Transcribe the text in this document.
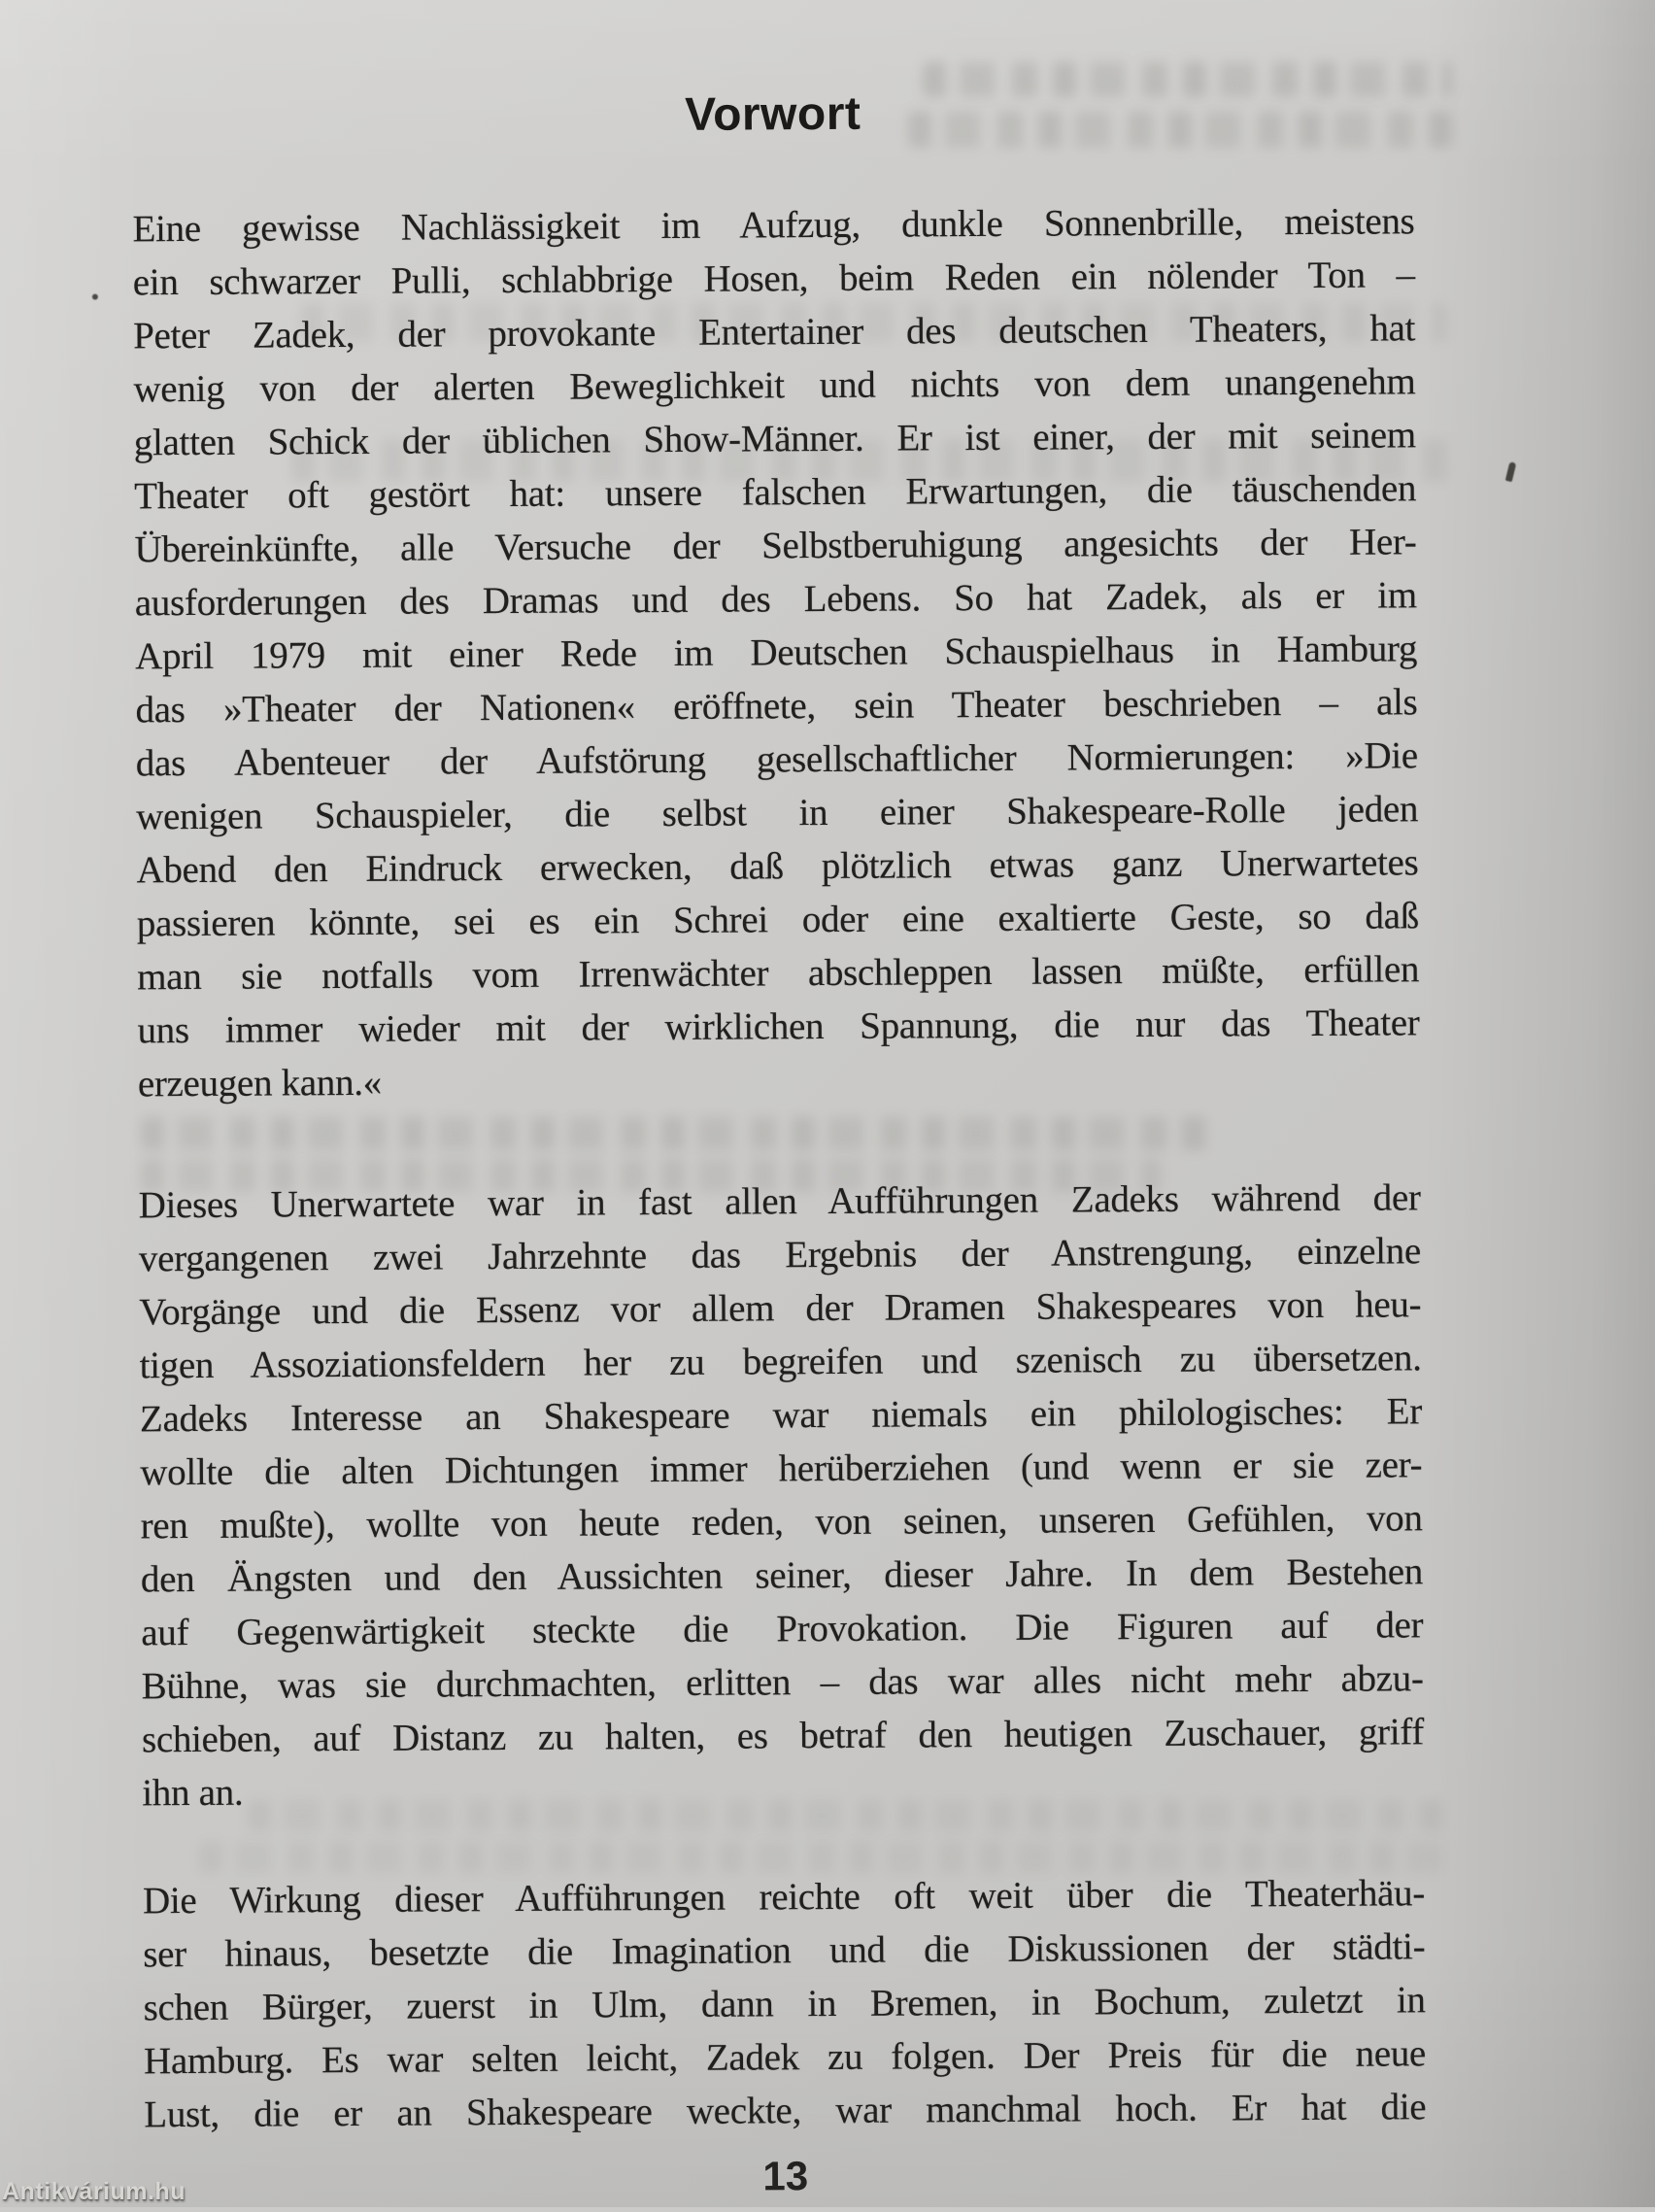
Vorwort
Eine gewisse Nachlässigkeit im Aufzug, dunkle Sonnenbrille, meistens
ein schwarzer Pulli, schlabbrige Hosen, beim Reden ein nölender Ton –
Peter Zadek, der provokante Entertainer des deutschen Theaters, hat
wenig von der alerten Beweglichkeit und nichts von dem unangenehm
glatten Schick der üblichen Show-Männer. Er ist einer, der mit seinem
Theater oft gestört hat: unsere falschen Erwartungen, die täuschenden
Übereinkünfte, alle Versuche der Selbstberuhigung angesichts der Her-
ausforderungen des Dramas und des Lebens. So hat Zadek, als er im
April 1979 mit einer Rede im Deutschen Schauspielhaus in Hamburg
das »Theater der Nationen« eröffnete, sein Theater beschrieben – als
das Abenteuer der Aufstörung gesellschaftlicher Normierungen: »Die
wenigen Schauspieler, die selbst in einer Shakespeare-Rolle jeden
Abend den Eindruck erwecken, daß plötzlich etwas ganz Unerwartetes
passieren könnte, sei es ein Schrei oder eine exaltierte Geste, so daß
man sie notfalls vom Irrenwächter abschleppen lassen müßte, erfüllen
uns immer wieder mit der wirklichen Spannung, die nur das Theater
erzeugen kann.«
Dieses Unerwartete war in fast allen Aufführungen Zadeks während der
vergangenen zwei Jahrzehnte das Ergebnis der Anstrengung, einzelne
Vorgänge und die Essenz vor allem der Dramen Shakespeares von heu-
tigen Assoziationsfeldern her zu begreifen und szenisch zu übersetzen.
Zadeks Interesse an Shakespeare war niemals ein philologisches: Er
wollte die alten Dichtungen immer herüberziehen (und wenn er sie zer-
ren mußte), wollte von heute reden, von seinen, unseren Gefühlen, von
den Ängsten und den Aussichten seiner, dieser Jahre. In dem Bestehen
auf Gegenwärtigkeit steckte die Provokation. Die Figuren auf der
Bühne, was sie durchmachten, erlitten – das war alles nicht mehr abzu-
schieben, auf Distanz zu halten, es betraf den heutigen Zuschauer, griff
ihn an.
Die Wirkung dieser Aufführungen reichte oft weit über die Theaterhäu-
ser hinaus, besetzte die Imagination und die Diskussionen der städti-
schen Bürger, zuerst in Ulm, dann in Bremen, in Bochum, zuletzt in
Hamburg. Es war selten leicht, Zadek zu folgen. Der Preis für die neue
Lust, die er an Shakespeare weckte, war manchmal hoch. Er hat die
13
Antikvárium.hu
